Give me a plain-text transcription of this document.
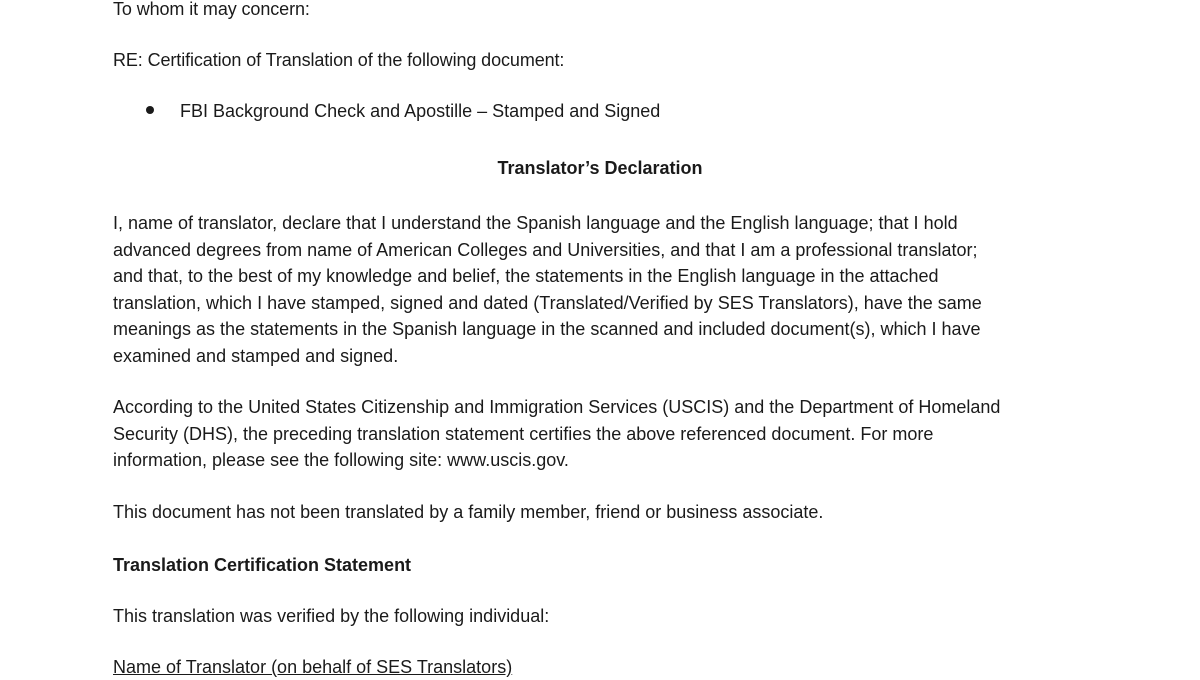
To whom it may concern:
RE: Certification of Translation of the following document:
FBI Background Check and Apostille – Stamped and Signed
Translator’s Declaration
I, name of translator, declare that I understand the Spanish language and the English language; that I hold
advanced degrees from name of American Colleges and Universities, and that I am a professional translator;
and that, to the best of my knowledge and belief, the statements in the English language in the attached
translation, which I have stamped, signed and dated (Translated/Verified by SES Translators), have the same
meanings as the statements in the Spanish language in the scanned and included document(s), which I have
examined and stamped and signed.
According to the United States Citizenship and Immigration Services (USCIS) and the Department of Homeland
Security (DHS), the preceding translation statement certifies the above referenced document. For more
information, please see the following site: www.uscis.gov.
This document has not been translated by a family member, friend or business associate.
Translation Certification Statement
This translation was verified by the following individual:
Name of Translator (on behalf of SES Translators)
